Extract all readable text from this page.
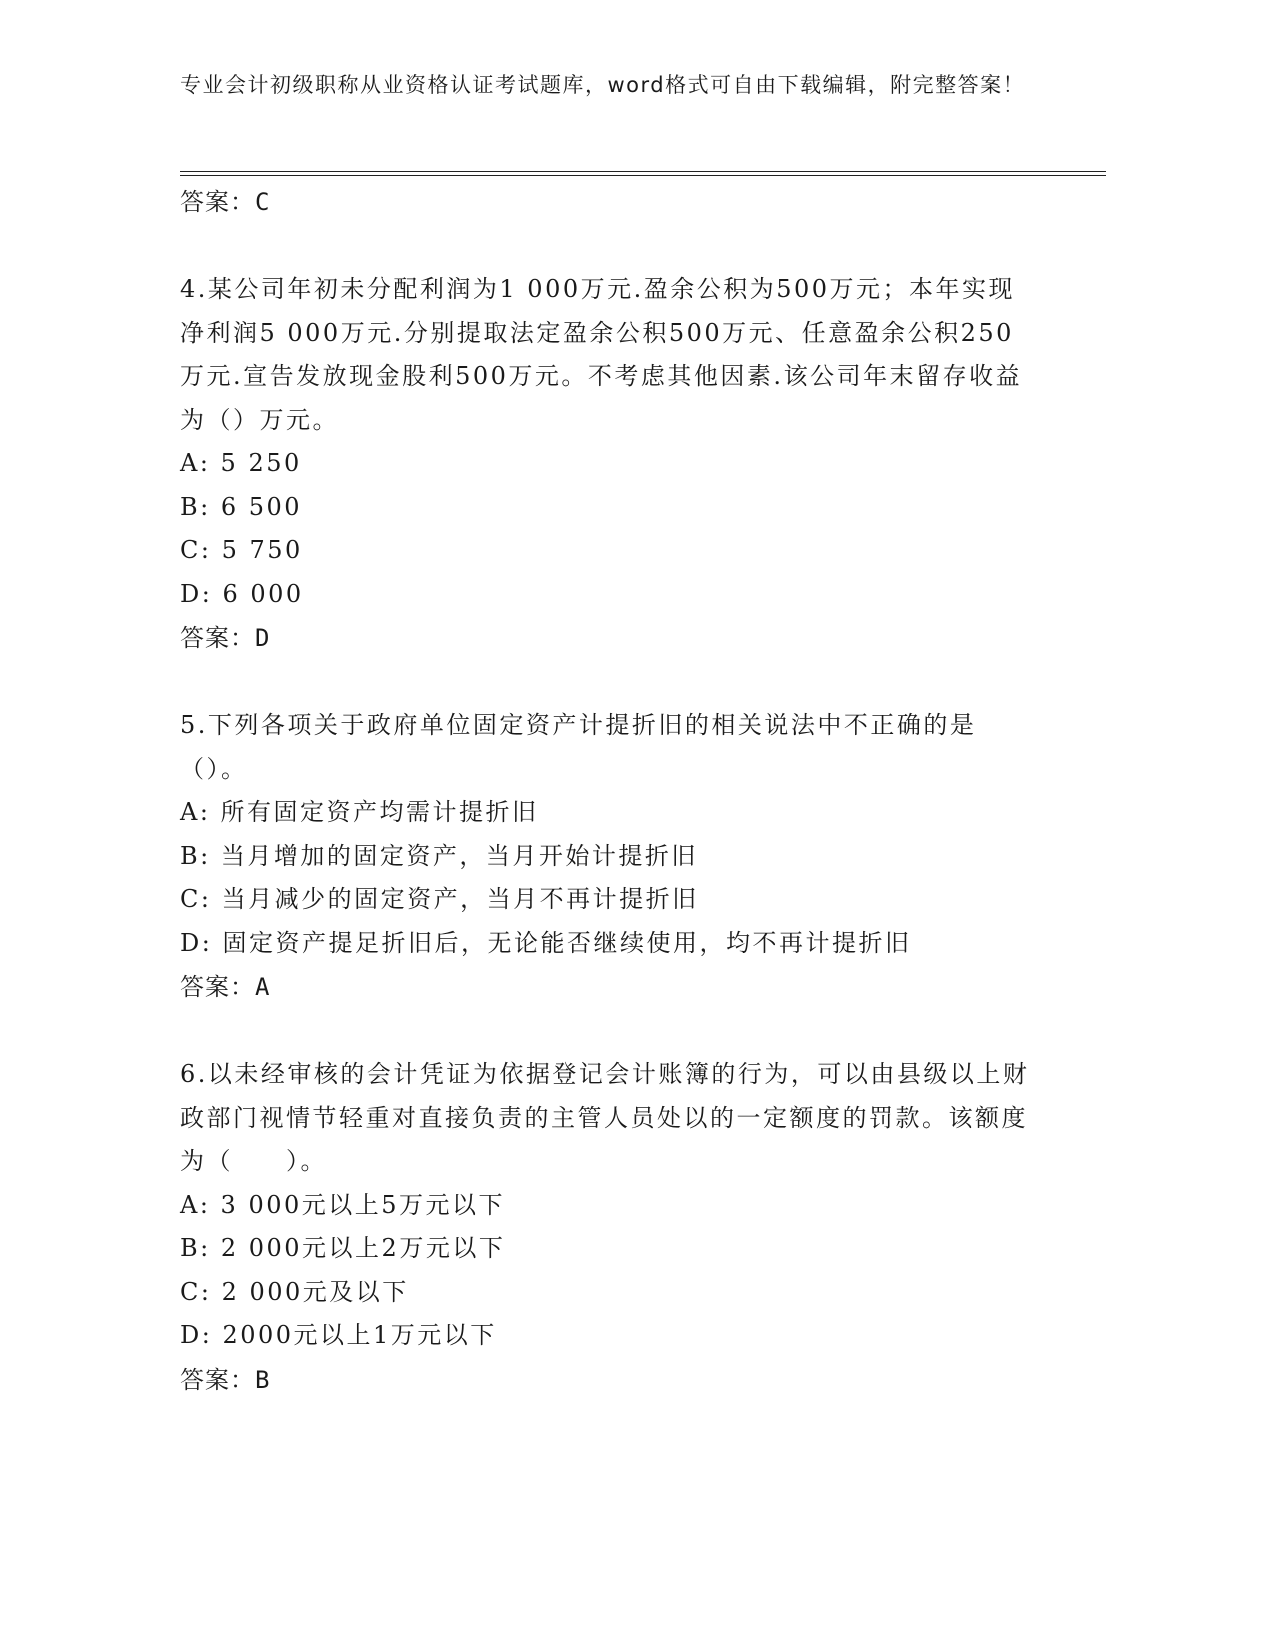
专业会计初级职称从业资格认证考试题库，word格式可自由下载编辑，附完整答案！
答案：C

4.某公司年初未分配利润为1 000万元.盈余公积为500万元；本年实现净利润5 000万元.分别提取法定盈余公积500万元、任意盈余公积250万元.宣告发放现金股利500万元。不考虑其他因素.该公司年末留存收益为（）万元。

A: 5 250
B: 6 500
C: 5 750
D: 6 000
答案：D

5.下列各项关于政府单位固定资产计提折旧的相关说法中不正确的是（）。

A: 所有固定资产均需计提折旧
B: 当月增加的固定资产，当月开始计提折旧
C: 当月减少的固定资产，当月不再计提折旧
D: 固定资产提足折旧后，无论能否继续使用，均不再计提折旧
答案：A

6.以未经审核的会计凭证为依据登记会计账簿的行为，可以由县级以上财政部门视情节轻重对直接负责的主管人员处以的一定额度的罚款。该额度为（　　）。

A: 3 000元以上5万元以下
B: 2 000元以上2万元以下
C: 2 000元及以下
D: 2000元以上1万元以下
答案：B
